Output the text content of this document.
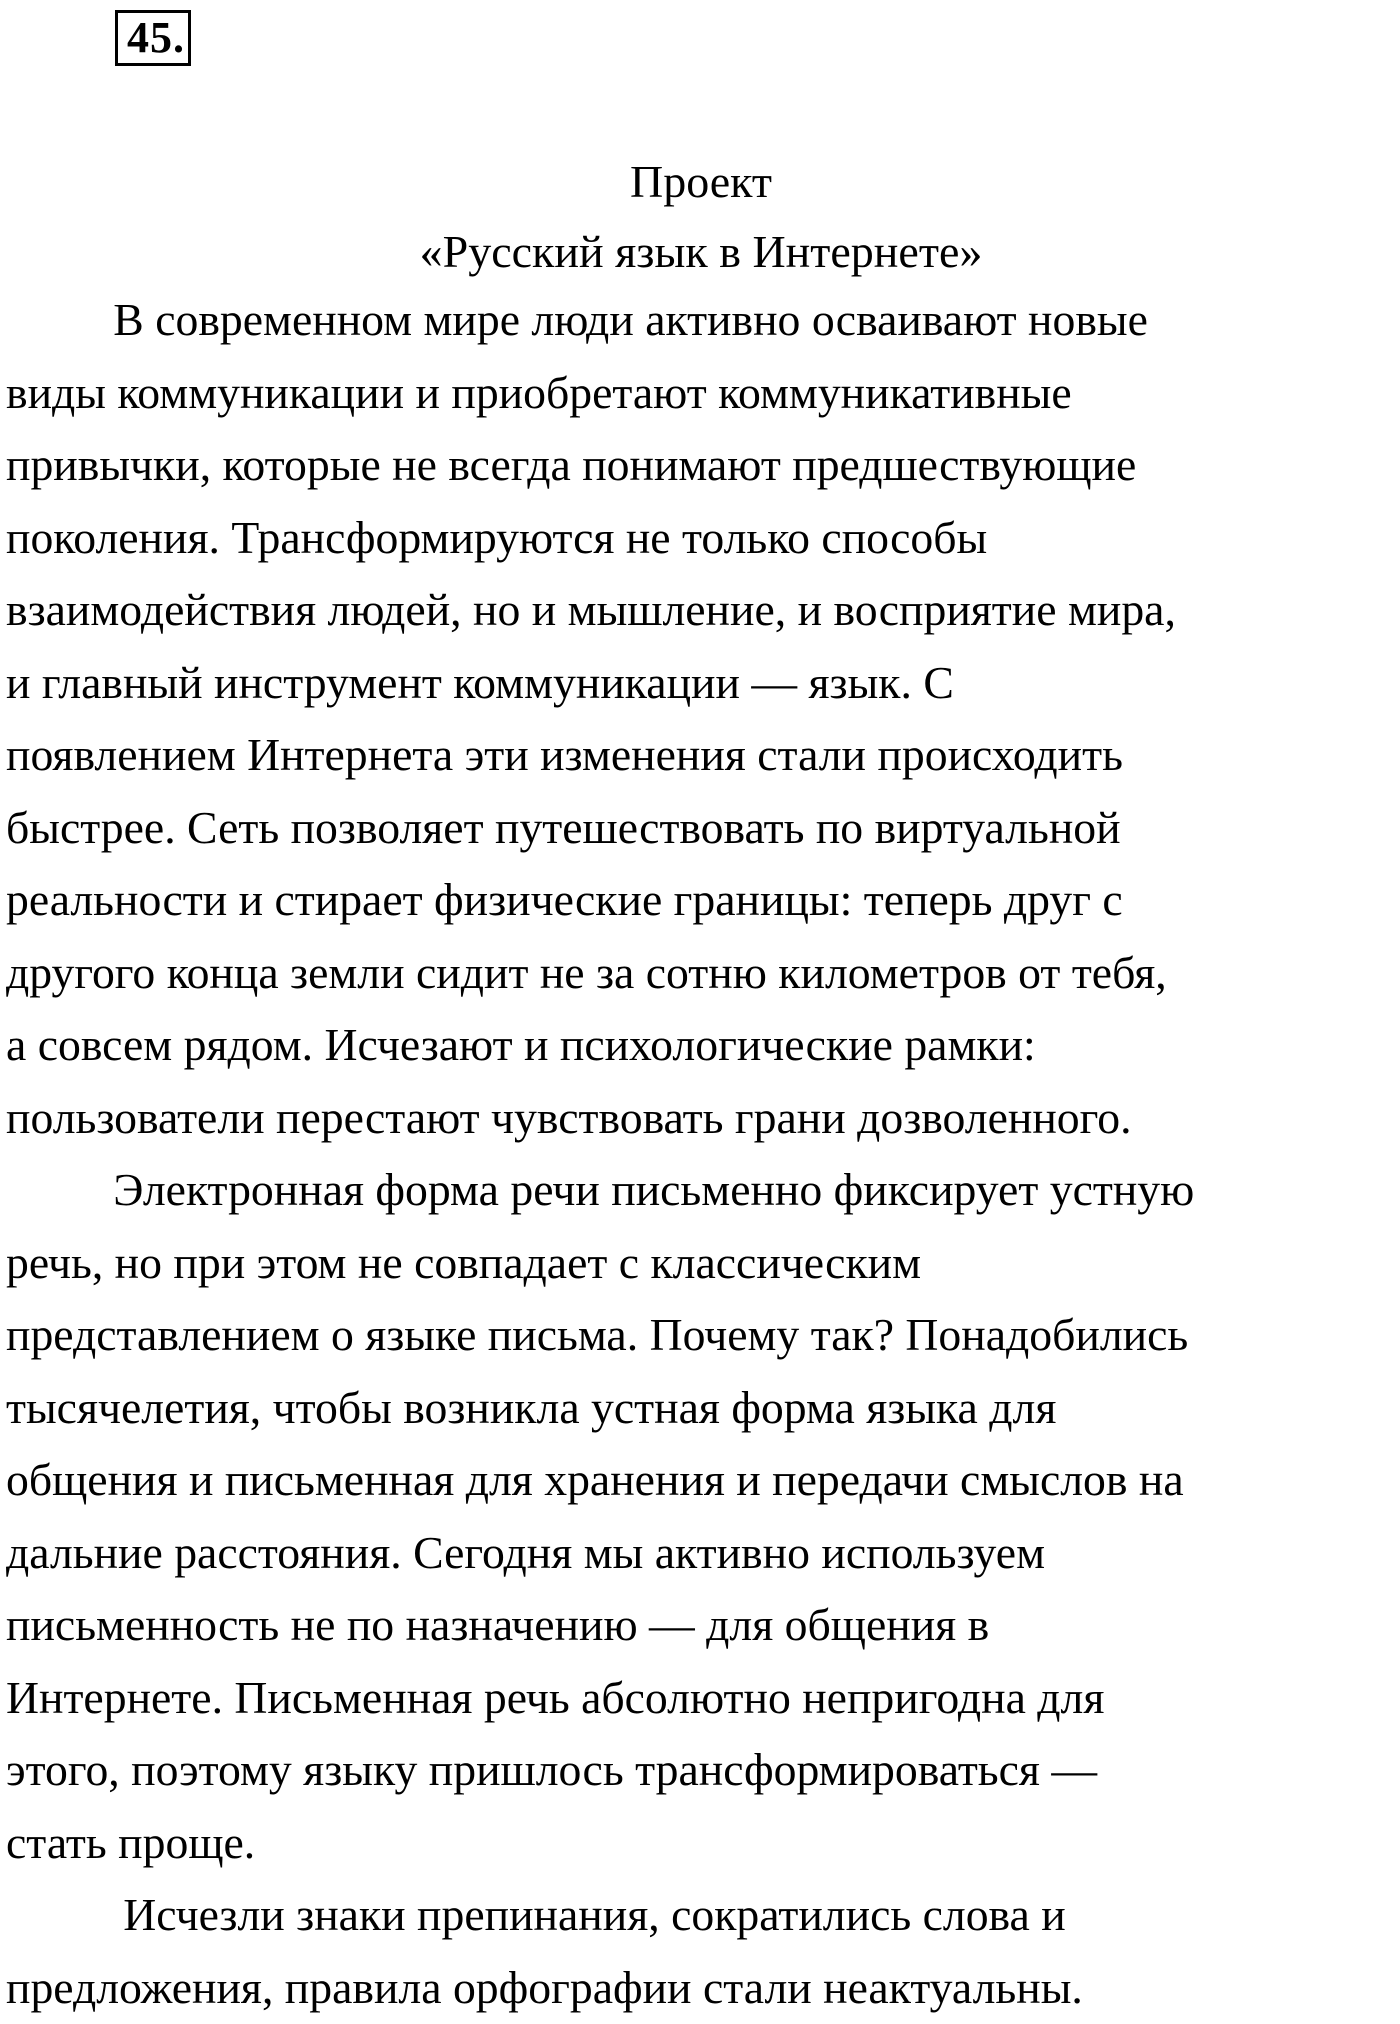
45.
Проект
«Русский язык в Интернете»
В современном мире люди активно осваивают новые
виды коммуникации и приобретают коммуникативные
привычки, которые не всегда понимают предшествующие
поколения. Трансформируются не только способы
взаимодействия людей, но и мышление, и восприятие мира,
и главный инструмент коммуникации — язык. С
появлением Интернета эти изменения стали происходить
быстрее. Сеть позволяет путешествовать по виртуальной
реальности и стирает физические границы: теперь друг с
другого конца земли сидит не за сотню километров от тебя,
а совсем рядом. Исчезают и психологические рамки:
пользователи перестают чувствовать грани дозволенного.
Электронная форма речи письменно фиксирует устную
речь, но при этом не совпадает с классическим
представлением о языке письма. Почему так? Понадобились
тысячелетия, чтобы возникла устная форма языка для
общения и письменная для хранения и передачи смыслов на
дальние расстояния. Сегодня мы активно используем
письменность не по назначению — для общения в
Интернете. Письменная речь абсолютно непригодна для
этого, поэтому языку пришлось трансформироваться —
стать проще.
Исчезли знаки препинания, сократились слова и
предложения, правила орфографии стали неактуальны.
